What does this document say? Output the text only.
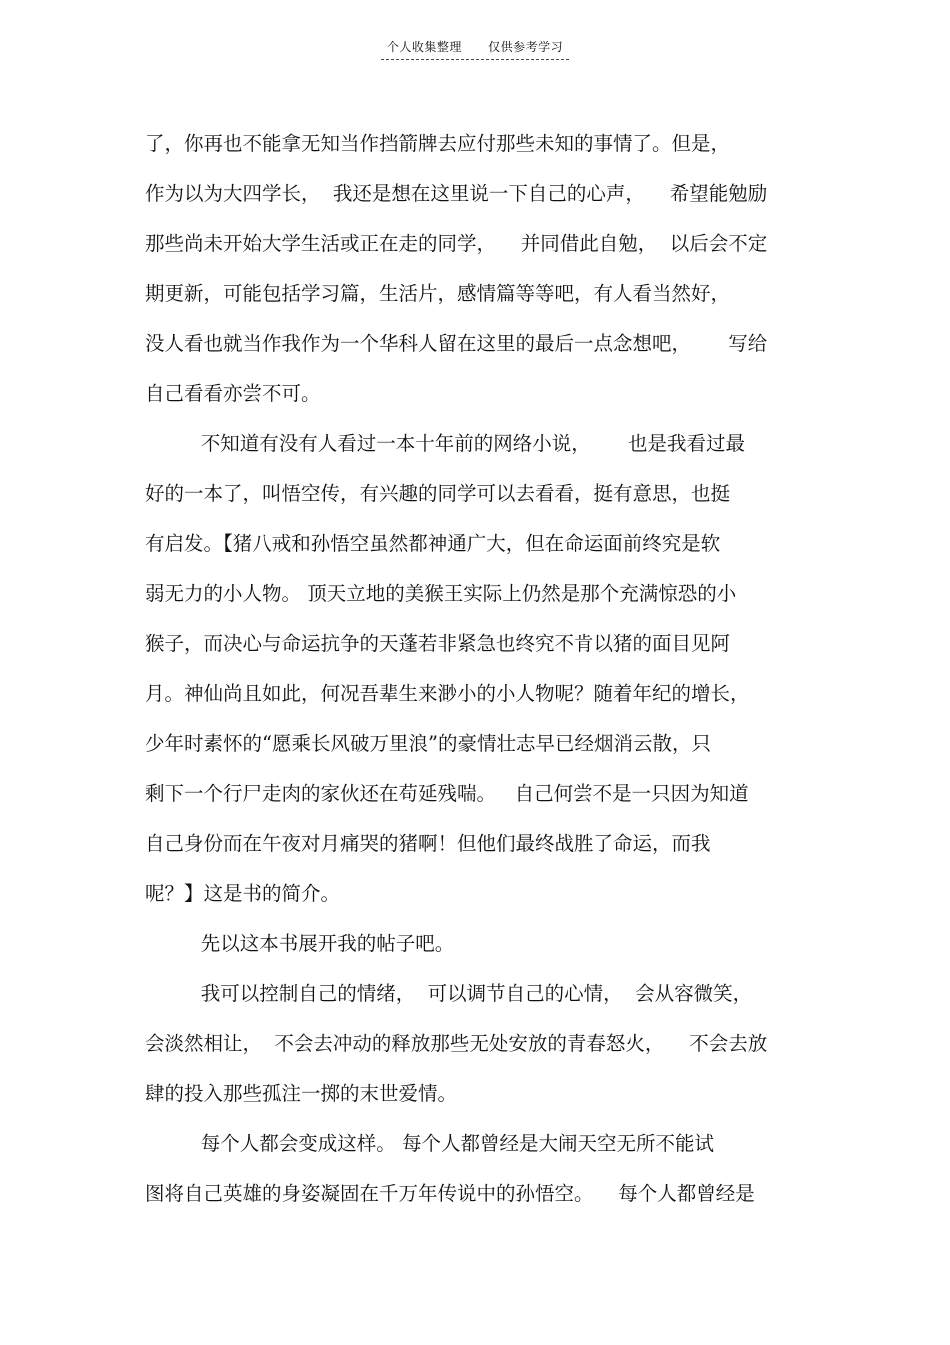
个人收集整理 仅供参考学习
了，你再也不能拿无知当作挡箭牌去应付那些未知的事情了。但是，
作为以为大四学长，  我还是想在这里说一下自己的心声，    希望能勉励
那些尚未开始大学生活或正在走的同学，    并同借此自勉，  以后会不定
期更新，可能包括学习篇，生活片，感情篇等等吧，有人看当然好，
没人看也就当作我作为一个华科人留在这里的最后一点念想吧，      写给
自己看看亦尝不可。
不知道有没有人看过一本十年前的网络小说，      也是我看过最
好的一本了，叫悟空传，有兴趣的同学可以去看看，挺有意思，也挺
有启发。【猪八戒和孙悟空虽然都神通广大，但在命运面前终究是软
弱无力的小人物。 顶天立地的美猴王实际上仍然是那个充满惊恐的小
猴子，而决心与命运抗争的天蓬若非紧急也终究不肯以猪的面目见阿
月。神仙尚且如此，何况吾辈生来渺小的小人物呢？随着年纪的增长，
少年时素怀的“愿乘长风破万里浪”的豪情壮志早已经烟消云散，只
剩下一个行尸走肉的家伙还在苟延残喘。   自己何尝不是一只因为知道
自己身份而在午夜对月痛哭的猪啊！但他们最终战胜了命运，而我
呢？】这是书的简介。
先以这本书展开我的帖子吧。
我可以控制自己的情绪，  可以调节自己的心情，  会从容微笑，
会淡然相让，  不会去冲动的释放那些无处安放的青春怒火，    不会去放
肆的投入那些孤注一掷的末世爱情。
每个人都会变成这样。 每个人都曾经是大闹天空无所不能试
图将自己英雄的身姿凝固在千万年传说中的孙悟空。    每个人都曾经是
